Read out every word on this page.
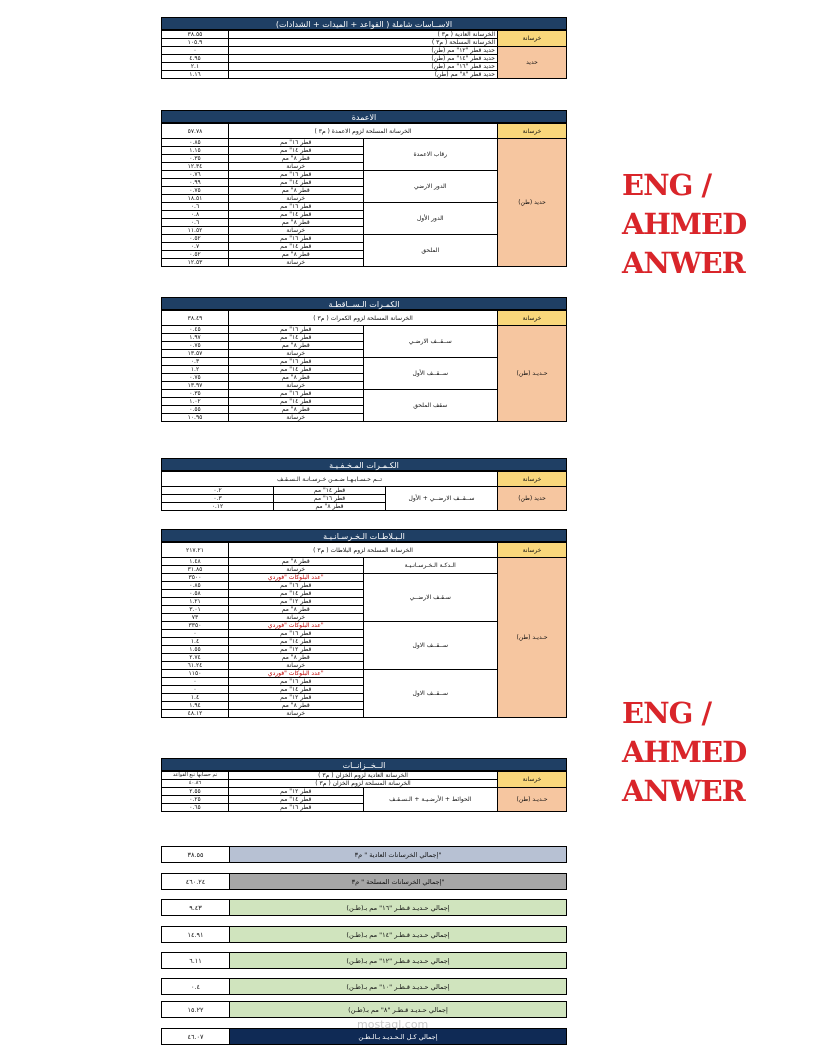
الاســاسات شاملة ( القواعد + الميدات + الشدادات)
٣٨.٥٥	الخرسانة العادية ( م٣ )	خرسانة
١٠٥.٩	الخرسانة المسلحة ( م٣ )	
٠	حديد قطر "١٢" مم (طن)	حديد
٤.٩٥	حديد قطر "١٤" مم (طن)	
٢.١	حديد قطر "١٦" مم (طن)	
١.١٦	حديد قطر "٨" مم (طن)	
الاعمدة
٥٧.٧٨	الخرسانة المسلحة لزوم الاعمدة ( م٣ )		خرسانة
٠.٨٥	قطر ١٦" مم	رقاب الاعمدة	حديد (طن)
١.١٥	قطر ١٤" مم		
٠.٣٥	قطر ٨" مم		
١٢.٣٤	خرسانة		
٠.٧٦	قطر ١٦" مم	الدور الارضي	
٠.٩٩	قطر ١٤" مم		
٠.٧٥	قطر ٨" مم		
١٨.٥١	خرسانة		
٠.٦	قطر ١٦" مم	الدور الأول	
٠.٨	قطر ١٤" مم		
٠.٦	قطر ٨" مم		
١١.٥٢	خرسانة		
٠.٥٢	قطر ١٦" مم	الملحق	
٠.٧	قطر ١٤" مم		
٠.٥٢	قطر ٨" مم		
١٢.٥٣	خرسانة		
الكمـرات الـســاقطـة
٣٨.٤٩	الخرسانة المسلحة لزوم الكمرات ( م٣ )		خرسانة
٠.٤٥	قطر ١٦" مم	ســقــف الارضـي	حـديـد (طن)
١.٩٧	قطر ١٤" مم		
٠.٧٥	قطر ٨" مم		
١٣.٥٧	خرسانة		
٠.٣	قطر ١٦" مم	ســقــف الأول	
١.٢	قطر ١٤" مم		
٠.٧٥	قطر ٨" مم		
١٣.٩٧	خرسانة		
٠.٣٥	قطر ١٦" مم	سقف الملحق	
١.٠٢	قطر ١٤" مم		
٠.٥٥	قطر ٨" مم		
١٠.٩٥	خرسانة		
الكـمـرات المـخـفـيـة
تــم حـسـابـهـا ضـمـن خـرسـانـة الـسـقـف			خرسانة
٠.٢	قطر ١٤" مم	ســقــف الارضــي + الأول	حديد (طن)
٠.٣	قطر ١٦" مم		
٠.١٢	قطر ٨" مم		
الـبـلاطـات الـخـرسـانـيـة
٢١٧.٢١	الخرسانة المسلحة لزوم البلاطات ( م٣ )		خرسانة
١.٤٨	قطر ٨" مم	الـدكـة الـخـرسـانـيـة	حـديـد (طن)
٣١.٨٥	خرسانة		
٣٥٠٠	عدد البلوكات "فوردي"	سـقـف الارضــي	
٠.٨٥	قطر ١٦" مم		
٠.٥٨	قطر ١٤" مم		
١.٢١	قطر ١٢" مم		
٣.٠١	قطر ٨" مم		
٧٣	خرسانة		
٣٣٥٠	عدد البلوكات "فوردي"	ســقــف الاول	
٠	قطر ١٦" مم		
١.٤	قطر ١٤" مم		
١.٥٥	قطر ١٢" مم		
٢.٧٤	قطر ٨" مم		
٦١.٢٤	خرسانة		
١١٥٠	عدد البلوكات "فوردي"	ســقــف الاول	
٠	قطر ١٦" مم		
٠	قطر ١٤" مم		
١.٤	قطر ١٢" مم		
١.٩٤	قطر ٨" مم		
٤٨.١٢	خرسانة		
الــخــزانــات
تم حسابها تبع القواعد	الخرسانة العادية لزوم الخزان ( م٣ )		خرسانة
٤٠.٨٦	الخرسانة المسلحة لزوم الخزان ( م٣ )		
٢.٥٥	قطر ١٢" مم	الحوائط + الأرضـيـة + الـسـقـف	حـديـد (طن)
٠.٢٥	قطر ١٤" مم		
٠.٦٥	قطر ١٦" مم		
٣٨.٥٥	إجمالي الخرسانات العادية " م٣"
٤٦٠.٢٤	إجمالي الخرسانات المسلحة " م٣"
٩.٤٣	إجمالي حـديـد قـطـر "١٦" مم بـ(طـن)
١٤.٩١	إجمالي حـديـد قـطـر "١٤" مم بـ(طـن)
٦.١١	إجمالي حـديـد قـطـر "١٢" مم بـ(طـن)
٠.٤	إجمالي حـديـد قـطـر "١٠" مم بـ(طـن)
١٥.٢٢	إجمالي حـديـد قـطـر "٨" مم بـ(طـن)
٤٦.٠٧	إجمالي كـل الـحـديـد بـالـطـن
ENG /
AHMED
ANWER
ENG /
AHMED
ANWER
mostaql.com
